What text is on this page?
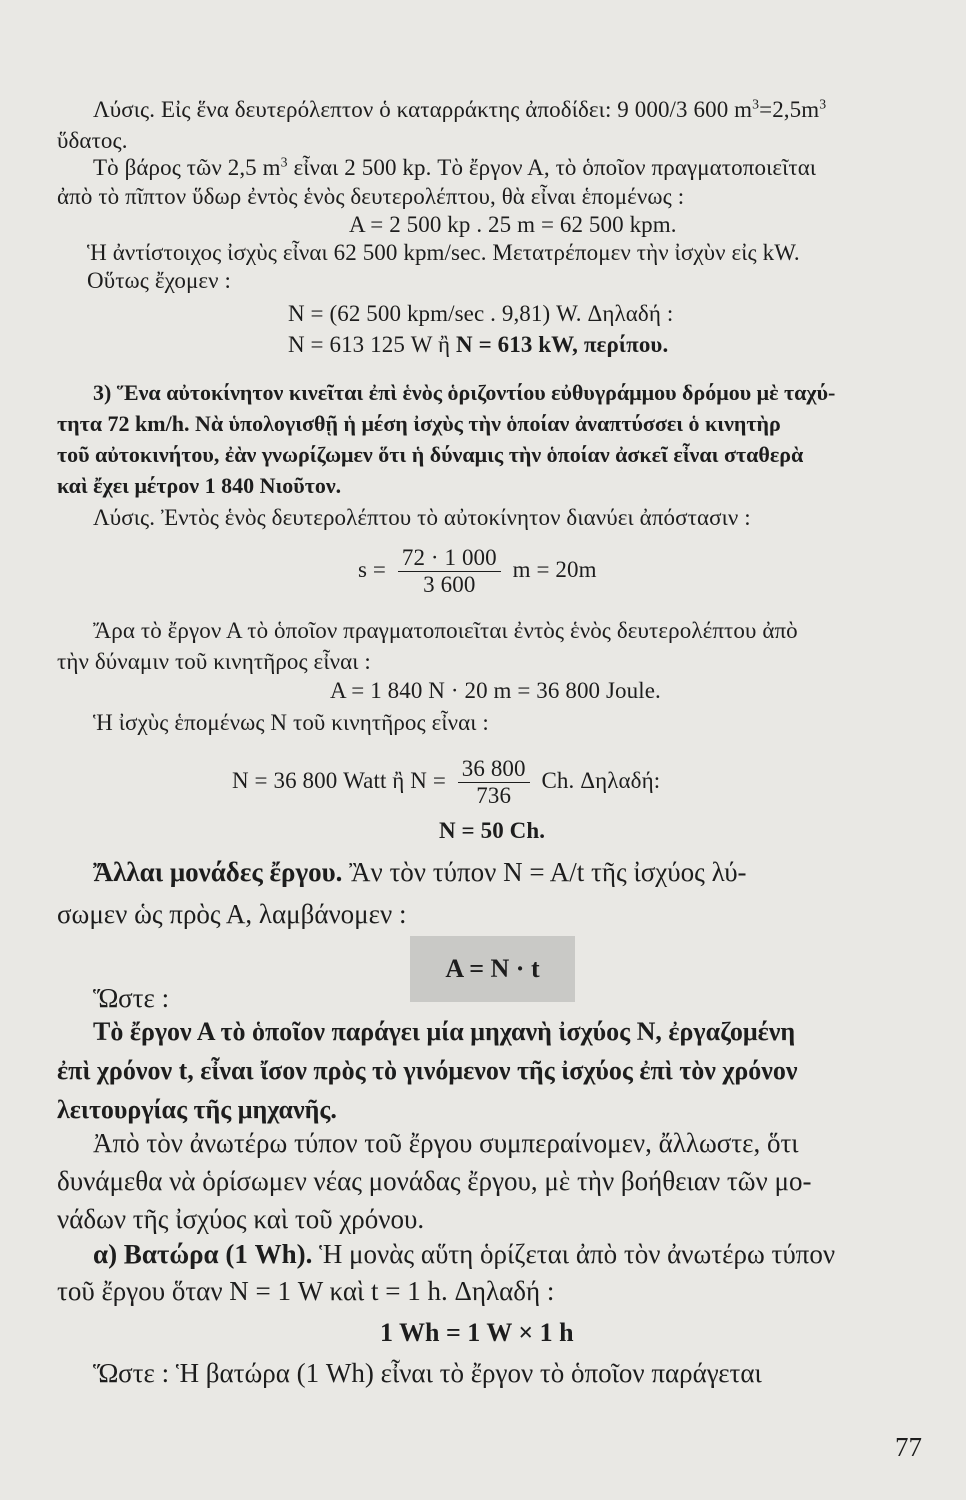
Λύσις. Εἰς ἕνα δευτερόλεπτον ὁ καταρράκτης ἀποδίδει: 9 000/3 600 $m^3=2,5m^3$
ὕδατος.
Τὸ βάρος τῶν 2,5 $m^3$ εἶναι 2 500 kp. Τὸ ἔργον Α, τὸ ὁποῖον πραγματοποιεῖται
ἀπὸ τὸ πῖπτον ὕδωρ ἐντὸς ἑνὸς δευτερολέπτου, θὰ εἶναι ἑπομένως :
Α = 2 500 kp . 25 m = 62 500 kpm.
Ἡ ἀντίστοιχος ἰσχὺς εἶναι 62 500 kpm/sec. Μετατρέπομεν τὴν ἰσχὺν εἰς kW.
Οὕτως ἔχομεν :
Ν = (62 500 kpm/sec . 9,81) W. Δηλαδή :
Ν = 613 125 W ἢ Ν = 613 kW, περίπου.
3) Ἕνα αὐτοκίνητον κινεῖται ἐπὶ ἑνὸς ὁριζοντίου εὐθυγράμμου δρόμου μὲ ταχύ-
τητα 72 km/h. Νὰ ὑπολογισθῇ ἡ μέση ἰσχὺς τὴν ὁποίαν ἀναπτύσσει ὁ κινητὴρ
τοῦ αὐτοκινήτου, ἐὰν γνωρίζωμεν ὅτι ἡ δύναμις τὴν ὁποίαν ἀσκεῖ εἶναι σταθερὰ
καὶ ἔχει μέτρον 1 840 Νιοῦτον.
Λύσις. Ἐντὸς ἑνὸς δευτερολέπτου τὸ αὐτοκίνητον διανύει ἀπόστασιν :
$s = \frac{72 \cdot 1 000}{3 600}$ m = 20m
Ἄρα τὸ ἔργον Α τὸ ὁποῖον πραγματοποιεῖται ἐντὸς ἑνὸς δευτερολέπτου ἀπὸ
τὴν δύναμιν τοῦ κινητῆρος εἶναι :
Α = 1 840 Ν · 20 m = 36 800 Joule.
Ἡ ἰσχὺς ἑπομένως Ν τοῦ κινητῆρος εἶναι :
Ν = 36 800 Watt ἢ $N = \frac{36 800}{736} Ch$. Δηλαδή:
Ν = 50 Ch.
Ἄλλαι μονάδες ἔργου. Ἂν τὸν τύπον Ν = Α/t τῆς ἰσχύος λύ-
σωμεν ὡς πρὸς Α, λαμβάνομεν :
Α = Ν · t
Ὥστε :
Τὸ ἔργον Α τὸ ὁποῖον παράγει μία μηχανὴ ἰσχύος Ν, ἐργαζομένη
ἐπὶ χρόνον t, εἶναι ἴσον πρὸς τὸ γινόμενον τῆς ἰσχύος ἐπὶ τὸν χρόνον
λειτουργίας τῆς μηχανῆς.
Ἀπὸ τὸν ἀνωτέρω τύπον τοῦ ἔργου συμπεραίνομεν, ἄλλωστε, ὅτι
δυνάμεθα νὰ ὁρίσωμεν νέας μονάδας ἔργου, μὲ τὴν βοήθειαν τῶν μο-
νάδων τῆς ἰσχύος καὶ τοῦ χρόνου.
α) Βατώρα (1 Wh). Ἡ μονὰς αὕτη ὁρίζεται ἀπὸ τὸν ἀνωτέρω τύπον
τοῦ ἔργου ὅταν Ν = 1 W καὶ t = 1 h. Δηλαδή :
1 Wh = 1 W × 1 h
Ὥστε : Ἡ βατώρα (1 Wh) εἶναι τὸ ἔργον τὸ ὁποῖον παράγεται
77
